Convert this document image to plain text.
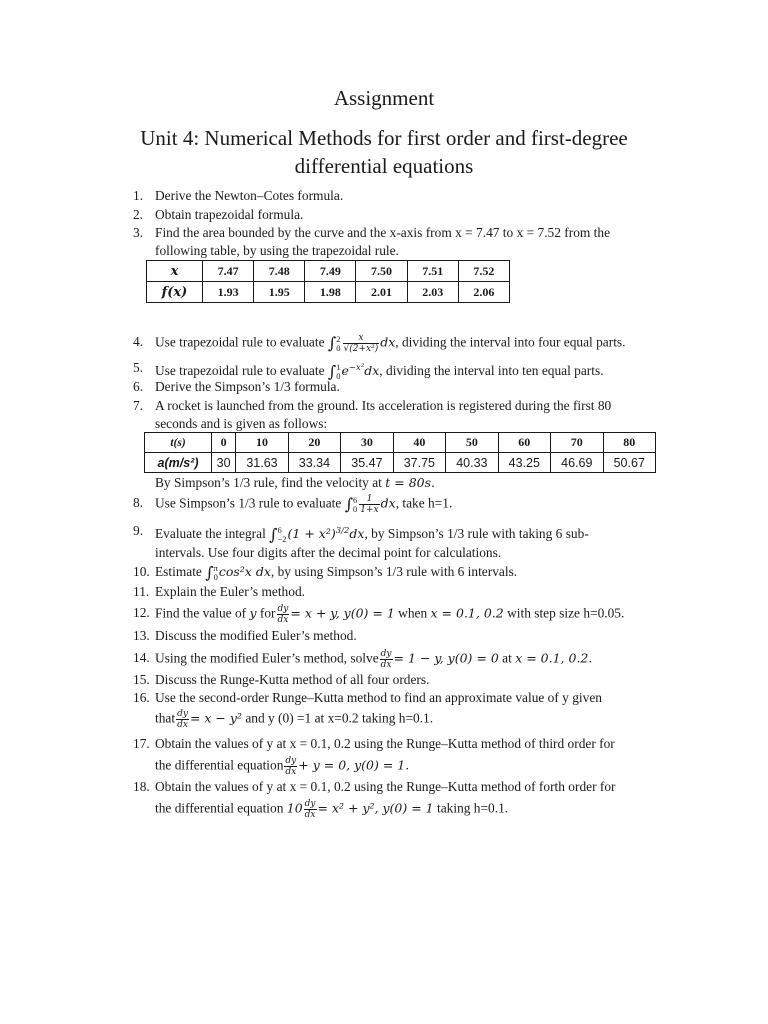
Assignment
Unit 4: Numerical Methods for first order and first-degree
differential equations
1. Derive the Newton–Cotes formula.
2. Obtain trapezoidal formula.
3. Find the area bounded by the curve and the x-axis from x = 7.47 to x = 7.52 from the
following table, by using the trapezoidal rule.
x	7.47	7.48	7.49	7.50	7.51	7.52
f(x)	1.93	1.95	1.98	2.01	2.03	2.06
4. Use trapezoidal rule to evaluate ∫ 2
$0 \frac{x}{\text{√(2+x²)}}$ dx, dividing the interval into four equal parts.
5. Use trapezoidal rule to evaluate ∫ 1
0 $e^{-x^2}dx$, dividing the interval into ten equal parts.
6. Derive the Simpson’s 1/3 formula.
7. A rocket is launched from the ground. Its acceleration is registered during the first 80
seconds and is given as follows:
t(s)	0	10	20	30	40	50	60	70	80
a(m/s²)	30	31.63	33.34	35.47	37.75	40.33	43.25	46.69	50.67
By Simpson’s 1/3 rule, find the velocity at t = 80s.
8. Use Simpson’s 1/3 rule to evaluate ∫ 6
$0 \frac{1}{1+x}$ dx, take h=1.
9. Evaluate the integral ∫ 6
−2 $(1 + x^2)^{3/2}dx$, by Simpson’s 1/3 rule with taking 6 sub-
intervals. Use four digits after the decimal point for calculations.
10. Estimate ∫ π
0 cos²x dx, by using Simpson’s 1/3 rule with 6 intervals.
11. Explain the Euler’s method.
12. Find the value of y for $\frac{dy}{dx} = x + y$, y(0) = 1 when x = 0.1, 0.2 with step size h=0.05.
13. Discuss the modified Euler’s method.
14. Using the modified Euler’s method, solve $\frac{dy}{dx} = 1 - y$, y(0) = 0 at x = 0.1, 0.2.
15. Discuss the Runge-Kutta method of all four orders.
16. Use the second-order Runge–Kutta method to find an approximate value of y given
that $\frac{dy}{dx} = x - y^2$ and y (0) =1 at x=0.2 taking h=0.1.
17. Obtain the values of y at x = 0.1, 0.2 using the Runge–Kutta method of third order for
the differential equation $\frac{dy}{dx} + y = 0$, y(0) = 1.
18. Obtain the values of y at x = 0.1, 0.2 using the Runge–Kutta method of forth order for
the differential equation $10 \frac{dy}{dx} = x^2 + y^2$, y(0) = 1 taking h=0.1.
